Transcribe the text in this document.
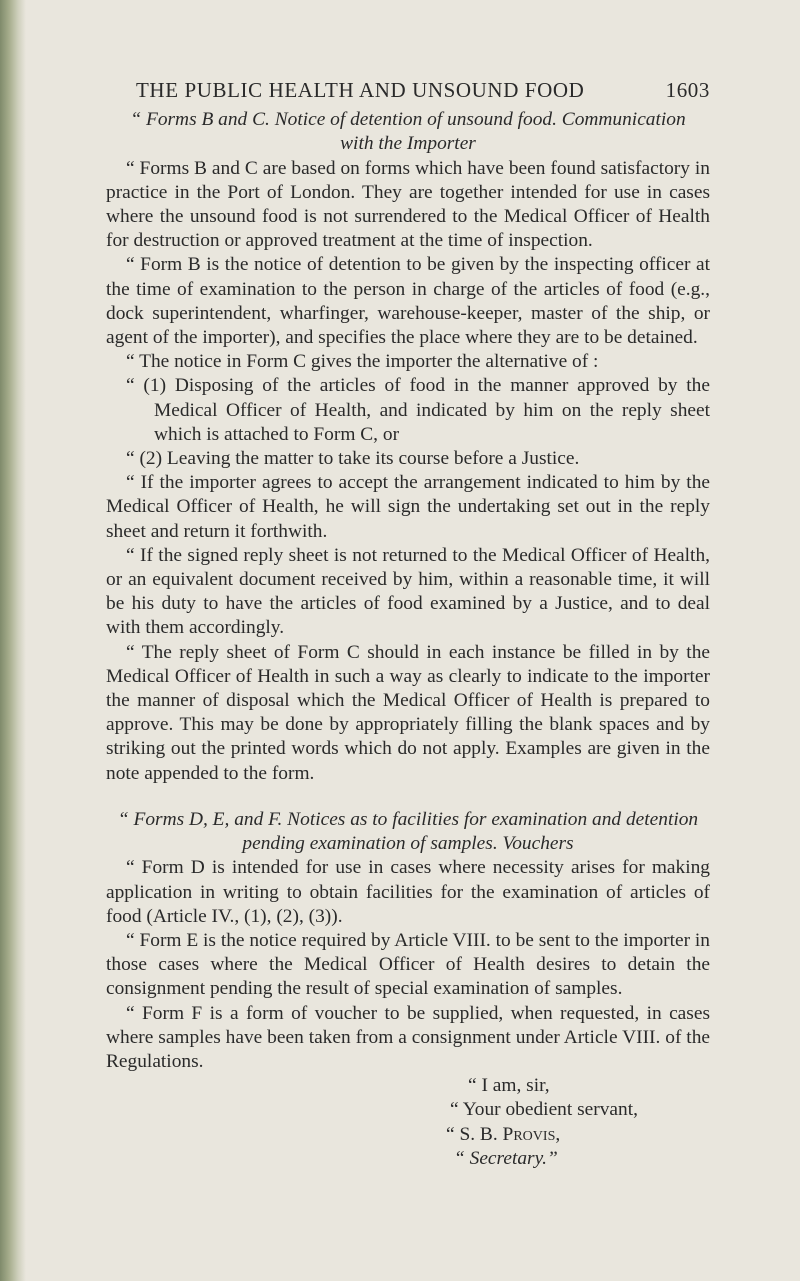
THE PUBLIC HEALTH AND UNSOUND FOOD	1603

“ Forms B and C. Notice of detention of unsound food. Communication

with the Importer

“ Forms B and C are based on forms which have been found satisfactory in practice in the Port of London. They are together intended for use in cases where the unsound food is not surrendered to the Medical Officer of Health for destruction or approved treatment at the time of inspection.

“ Form B is the notice of detention to be given by the inspecting officer at the time of examination to the person in charge of the articles of food (e.g., dock superintendent, wharfinger, warehouse-keeper, master of the ship, or agent of the importer), and specifies the place where they are to be detained.

“ The notice in Form C gives the importer the alternative of :

“ (1) Disposing of the articles of food in the manner approved by the Medical Officer of Health, and indicated by him on the reply sheet which is attached to Form C, or

“ (2) Leaving the matter to take its course before a Justice.

“ If the importer agrees to accept the arrangement indicated to him by the Medical Officer of Health, he will sign the undertaking set out in the reply sheet and return it forthwith.

“ If the signed reply sheet is not returned to the Medical Officer of Health, or an equivalent document received by him, within a reasonable time, it will be his duty to have the articles of food examined by a Justice, and to deal with them accordingly.

“ The reply sheet of Form C should in each instance be filled in by the Medical Officer of Health in such a way as clearly to indicate to the importer the manner of disposal which the Medical Officer of Health is prepared to approve. This may be done by appropriately filling the blank spaces and by striking out the printed words which do not apply. Examples are given in the note appended to the form.

“ Forms D, E, and F. Notices as to facilities for examination and detention

pending examination of samples. Vouchers

“ Form D is intended for use in cases where necessity arises for making application in writing to obtain facilities for the examination of articles of food (Article IV., (1), (2), (3)).

“ Form E is the notice required by Article VIII. to be sent to the importer in those cases where the Medical Officer of Health desires to detain the consignment pending the result of special examination of samples.

“ Form F is a form of voucher to be supplied, when requested, in cases where samples have been taken from a consignment under Article VIII. of the Regulations.

“ I am, sir,

“ Your obedient servant,

“ S. B. Provis,

“ Secretary.”
